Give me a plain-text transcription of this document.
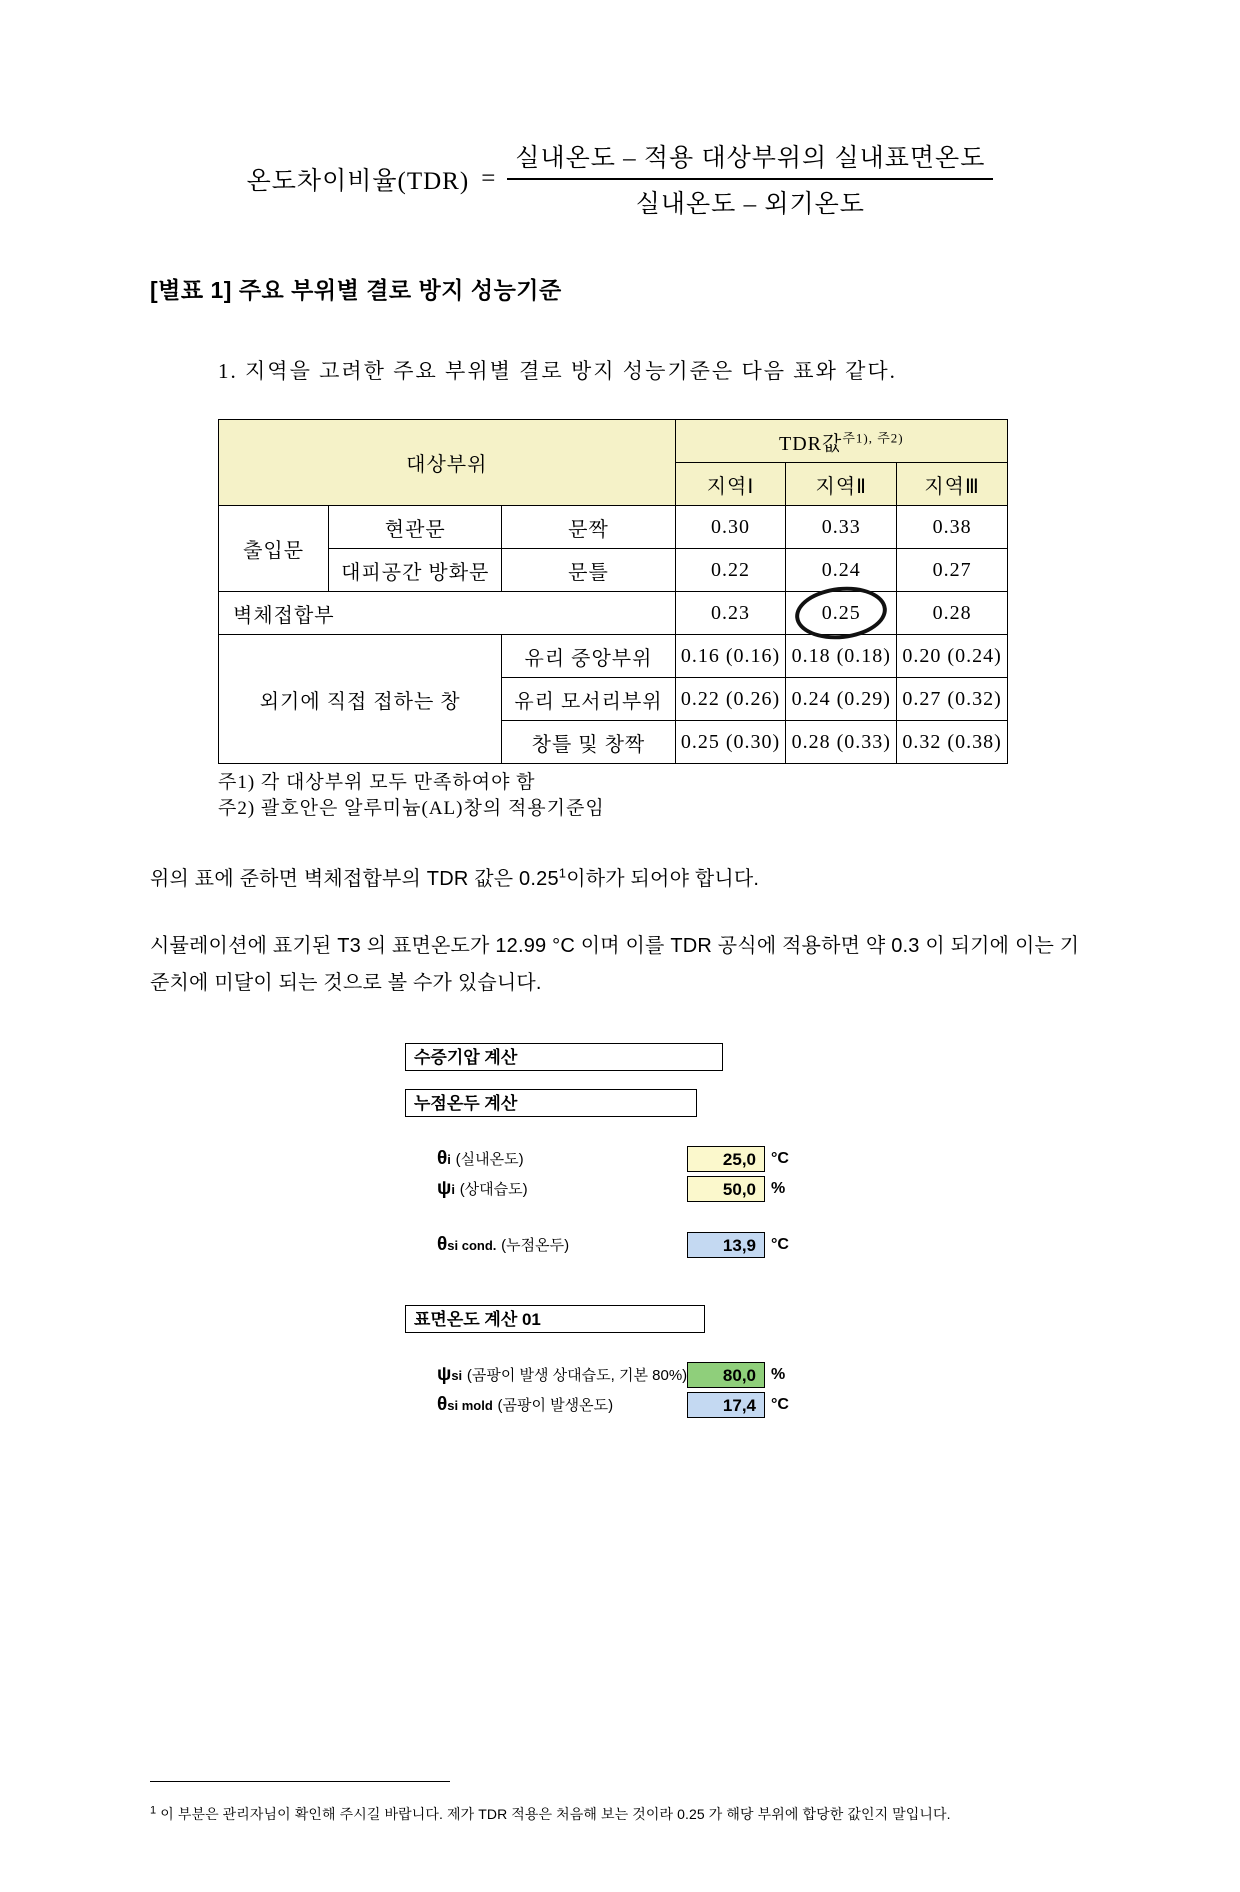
온도차이비율$(TDR) = \frac{\text{실내온도 – 적용 대상부위의 실내표면온도}}{\text{실내온도 – 외기온도}}$
[별표 1] 주요 부위별 결로 방지 성능기준
1. 지역을 고려한 주요 부위별 결로 방지 성능기준은 다음 표와 같다.
대상부위			TDR값$^{주1), 주2)}$
			지역Ⅰ	지역Ⅱ	지역Ⅲ
출입문	현관문	문짝	0.30	0.33	0.38
	대피공간 방화문	문틀	0.22	0.24	0.27
벽체접합부			0.23	0.25	0.28
외기에 직접 접하는 창		유리 중앙부위	0.16 (0.16)	0.18 (0.18)	0.20 (0.24)
		유리 모서리부위	0.22 (0.26)	0.24 (0.29)	0.27 (0.32)
		창틀 및 창짝	0.25 (0.30)	0.28 (0.33)	0.32 (0.38)
주1) 각 대상부위 모두 만족하여야 함
주2) 괄호안은 알루미늄(AL)창의 적용기준임
위의 표에 준하면 벽체접합부의 TDR 값은 0.25$^1$이하가 되어야 합니다.
시뮬레이션에 표기된 T3 의 표면온도가 12.99 °C 이며 이를 TDR 공식에 적용하면 약 0.3 이 되기에 이는 기준치에 미달이 되는 것으로 볼 수가 있습니다.
수증기압 계산
누점온두 계산
θi (실내온도)	25,0 °C
ψi (상대습도)	50,0 %
θsi cond. (누점온두)	13,9 °C
표면온도 계산 01
ψsi (곰팡이 발생 상대습도, 기본 80%)	80,0 %
θsi mold (곰팡이 발생온도)	17,4 °C
$^1$ 이 부분은 관리자님이 확인해 주시길 바랍니다. 제가 TDR 적용은 처음해 보는 것이라 0.25 가 해당 부위에 합당한 값인지 말입니다.
